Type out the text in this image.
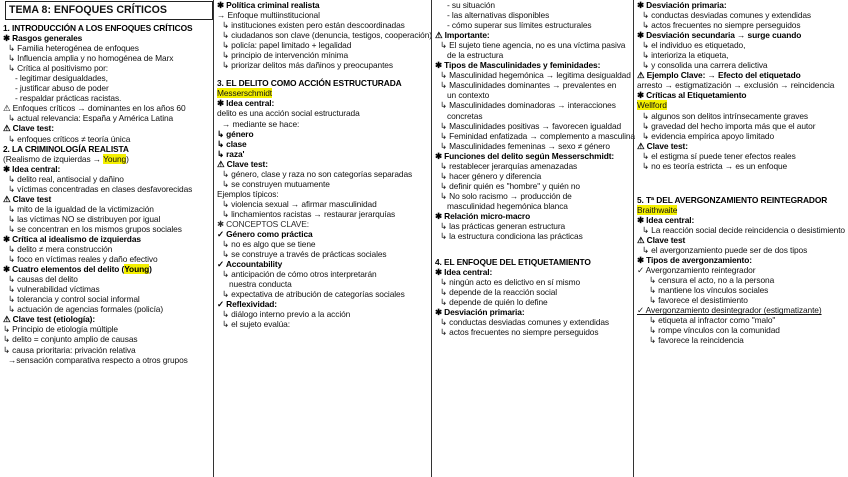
TEMA 8: ENFOQUES CRÍTICOS
1. INTRODUCCIÓN A LOS ENFOQUES CRÍTICOS
✱ Rasgos generales
↳ Familia heterogénea de enfoques
↳ Influencia amplia y no homogénea de Marx
↳ Crítica al positivismo por:
- legitimar desigualdades,
- justificar abuso de poder
- respaldar prácticas racistas.
⚠ Enfoques críticos → dominantes en los años 60
↳ actual relevancia: España y América Latina
⚠ Clave test:
↳ enfoques críticos ≠ teoría única
2. LA CRIMINOLOGÍA REALISTA
(Realismo de izquierdas → Young)
✱ Idea central:
↳ delito real, antisocial y dañino
↳ víctimas concentradas en clases desfavorecidas
⚠ Clave test
↳ mito de la igualdad de la victimización
↳ las víctimas NO se distribuyen por igual
↳ se concentran en los mismos grupos sociales
✱ Crítica al idealismo de izquierdas
↳ delito ≠ mera construcción
↳ foco en víctimas reales y daño efectivo
✱ Cuatro elementos del delito (Young)
↳ causas del delito
↳ vulnerabilidad víctimas
↳ tolerancia y control social informal
↳ actuación de agencias formales (policía)
⚠ Clave test (etiología):
↳ Principio de etiología múltiple
↳ delito = conjunto amplio de causas
↳ causa prioritaria: privación relativa
→sensación comparativa respecto a otros grupos
✱ Política criminal realista
→ Enfoque multiinstitucional
↳ instituciones existen pero están descoordinadas
↳ ciudadanos son clave (denuncia, testigos, cooperación)
↳ policía: papel limitado + legalidad
↳ principio de intervención mínima
↳ priorizar delitos más dañinos y preocupantes
3. EL DELITO COMO ACCIÓN ESTRUCTURADA
Messerschmidt
✱ Idea central:
delito es una acción social estructurada
→ mediante se hace:
↳ género
↳ clase
↳ raza'
⚠ Clave test:
↳ género, clase y raza no son categorías separadas
↳ se construyen mutuamente
Ejemplos típicos:
↳ violencia sexual → afirmar masculinidad
↳ linchamientos racistas → restaurar jerarquías
✱ CONCEPTOS CLAVE:
✓ Género como práctica
↳ no es algo que se tiene
↳ se construye a través de prácticas sociales
✓ Accountability
↳ anticipación de cómo otros interpretarán
nuestra conducta
↳ expectativa de atribución de categorías sociales
✓ Reflexividad:
↳ diálogo interno previo a la acción
↳ el sujeto evalúa:
- su situación
- las alternativas disponibles
- cómo superar sus límites estructurales
⚠ Importante:
↳ El sujeto tiene agencia, no es una víctima pasiva
de la estructura
✱ Tipos de Masculinidades y feminidades:
↳ Masculinidad hegemónica → legitima desigualdad
↳ Masculinidades dominantes → prevalentes en
un contexto
↳ Masculinidades dominadoras → interacciones
concretas
↳ Masculinidades positivas → favorecen igualdad
↳ Feminidad enfatizada → complemento a masculina
↳ Masculinidades femeninas → sexo ≠ género
✱ Funciones del delito según Messerschmidt:
↳ restablecer jerarquías amenazadas
↳ hacer género y diferencia
↳ definir quién es "hombre" y quién no
↳ No solo racismo → producción de
masculinidad hegemónica blanca
✱ Relación micro-macro
↳ las prácticas generan estructura
↳ la estructura condiciona las prácticas
4. EL ENFOQUE DEL ETIQUETAMIENTO
✱ Idea central:
↳ ningún acto es delictivo en sí mismo
↳ depende de la reacción social
↳ depende de quién lo define
✱ Desviación primaria:
↳ conductas desviadas comunes y extendidas
↳ actos frecuentes no siempre perseguidos
✱ Desviación primaria:
↳ conductas desviadas comunes y extendidas
↳ actos frecuentes no siempre perseguidos
✱ Desviación secundaria → surge cuando
↳ el individuo es etiquetado,
↳ interioriza la etiqueta,
↳ y consolida una carrera delictiva
⚠ Ejemplo Clave: → Efecto del etiquetado
arresto → estigmatización → exclusión → reincidencia
✱ Críticas al Etiquetamiento
Wellford
↳ algunos son delitos intrínsecamente graves
↳ gravedad del hecho importa más que el autor
↳ evidencia empírica apoyo limitado
⚠ Clave test:
↳ el estigma sí puede tener efectos reales
↳ no es teoría estricta → es un enfoque
5. Tª DEL AVERGONZAMIENTO REINTEGRADOR
Braithwaite
✱ Idea central:
↳ La reacción social decide reincidencia o desistimiento
⚠ Clave test
↳ el avergonzamiento puede ser de dos tipos
✱ Tipos de avergonzamiento:
✓ Avergonzamiento reintegrador
↳ censura el acto, no a la persona
↳ mantiene los vínculos sociales
↳ favorece el desistimiento
✓ Avergonzamiento desintegrador (estigmatizante)
↳ etiqueta al infractor como "malo"
↳ rompe vínculos con la comunidad
↳ favorece la reincidencia
